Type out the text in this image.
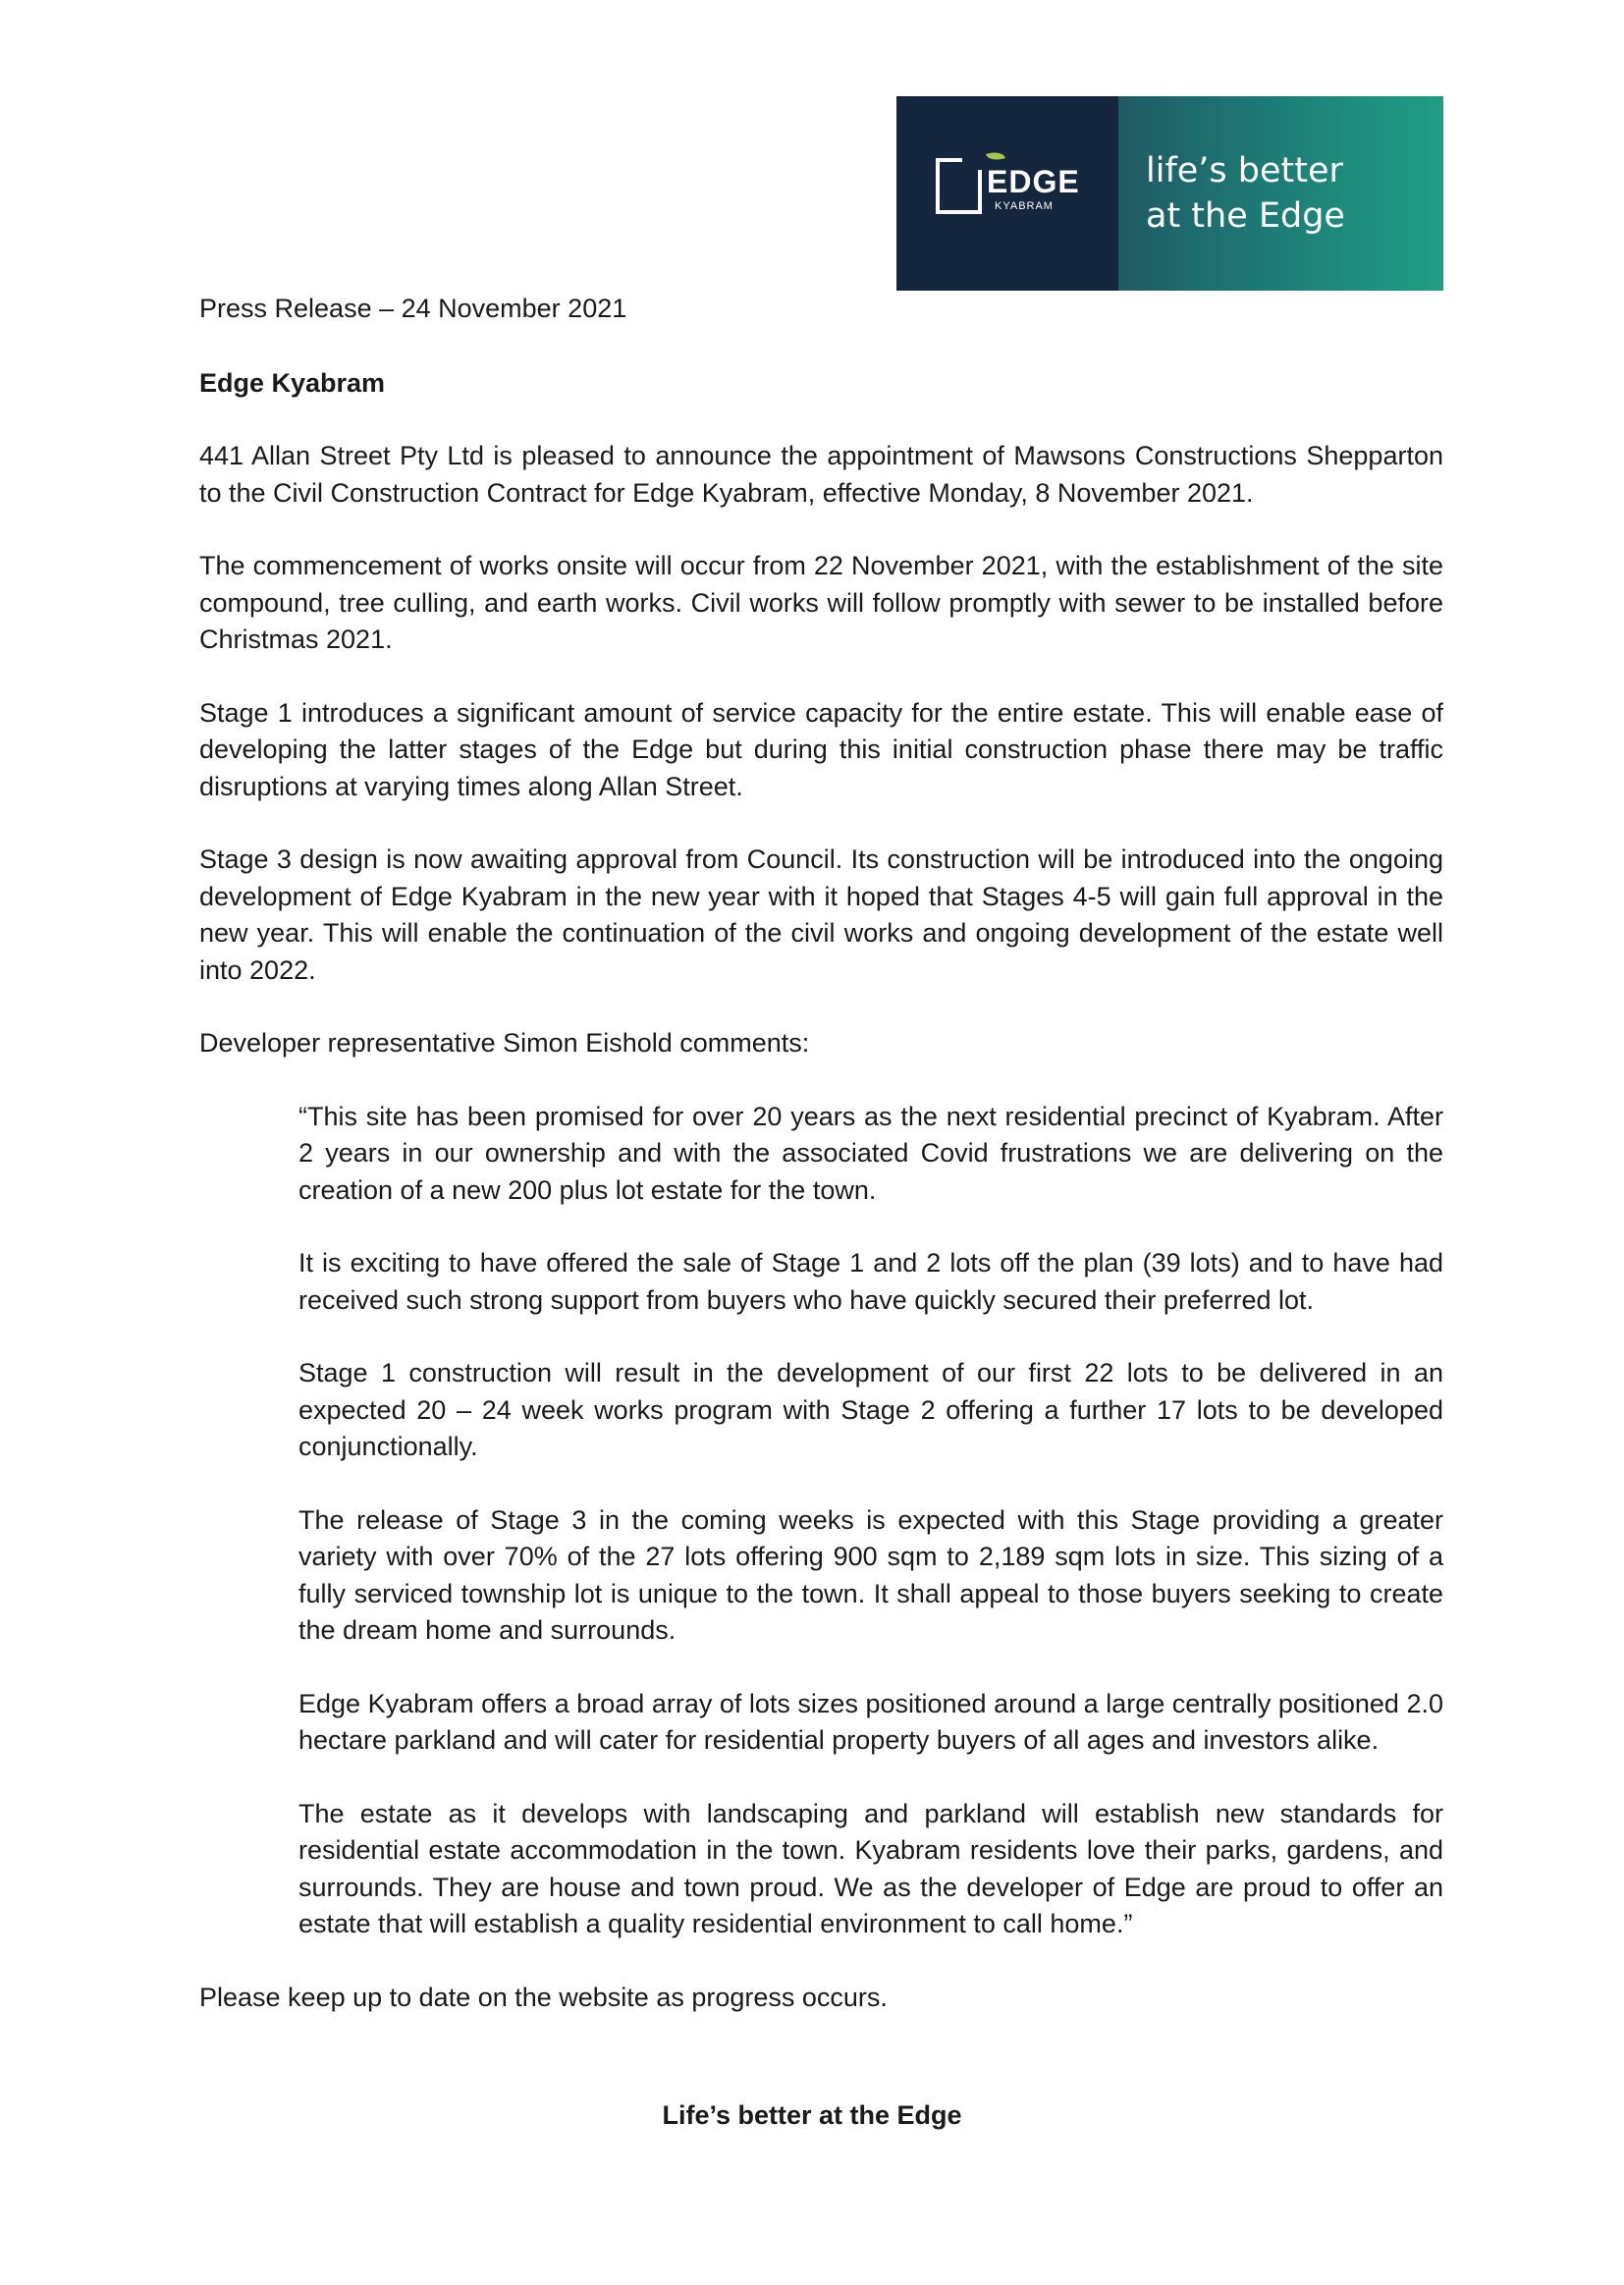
EDGE
KYABRAM
life’s better
at the Edge

Press Release – 24 November 2021

Edge Kyabram

441 Allan Street Pty Ltd is pleased to announce the appointment of Mawsons Constructions Shepparton to the Civil Construction Contract for Edge Kyabram, effective Monday, 8 November 2021.

The commencement of works onsite will occur from 22 November 2021, with the establishment of the site compound, tree culling, and earth works. Civil works will follow promptly with sewer to be installed before Christmas 2021.

Stage 1 introduces a significant amount of service capacity for the entire estate. This will enable ease of developing the latter stages of the Edge but during this initial construction phase there may be traffic disruptions at varying times along Allan Street.

Stage 3 design is now awaiting approval from Council. Its construction will be introduced into the ongoing development of Edge Kyabram in the new year with it hoped that Stages 4-5 will gain full approval in the new year. This will enable the continuation of the civil works and ongoing development of the estate well into 2022.

Developer representative Simon Eishold comments:

“This site has been promised for over 20 years as the next residential precinct of Kyabram. After 2 years in our ownership and with the associated Covid frustrations we are delivering on the creation of a new 200 plus lot estate for the town.

It is exciting to have offered the sale of Stage 1 and 2 lots off the plan (39 lots) and to have had received such strong support from buyers who have quickly secured their preferred lot.

Stage 1 construction will result in the development of our first 22 lots to be delivered in an expected 20 – 24 week works program with Stage 2 offering a further 17 lots to be developed conjunctionally.

The release of Stage 3 in the coming weeks is expected with this Stage providing a greater variety with over 70% of the 27 lots offering 900 sqm to 2,189 sqm lots in size. This sizing of a fully serviced township lot is unique to the town. It shall appeal to those buyers seeking to create the dream home and surrounds.

Edge Kyabram offers a broad array of lots sizes positioned around a large centrally positioned 2.0 hectare parkland and will cater for residential property buyers of all ages and investors alike.

The estate as it develops with landscaping and parkland will establish new standards for residential estate accommodation in the town. Kyabram residents love their parks, gardens, and surrounds. They are house and town proud. We as the developer of Edge are proud to offer an estate that will establish a quality residential environment to call home.”

Please keep up to date on the website as progress occurs.

Life’s better at the Edge
